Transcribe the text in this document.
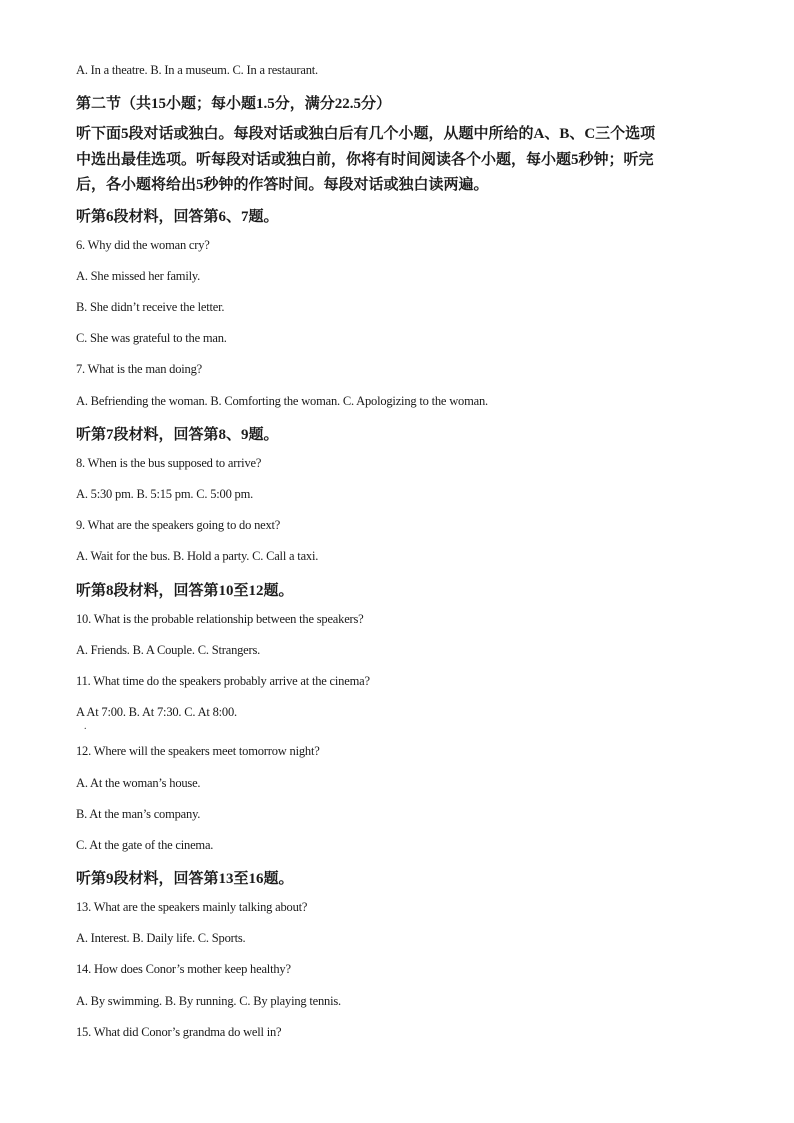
A. In a theatre. B. In a museum. C. In a restaurant.
第二节（共15小题；每小题1.5分，满分22.5分）
听下面5段对话或独白。每段对话或独白后有几个小题，从题中所给的A、B、C三个选项
中选出最佳选项。听每段对话或独白前，你将有时间阅读各个小题，每小题5秒钟；听完
后，各小题将给出5秒钟的作答时间。每段对话或独白读两遍。
听第6段材料，回答第6、7题。
6. Why did the woman cry?
A. She missed her family.
B. She didn’t receive the letter.
C. She was grateful to the man.
7. What is the man doing?
A. Befriending the woman. B. Comforting the woman. C. Apologizing to the woman.
听第7段材料，回答第8、9题。
8. When is the bus supposed to arrive?
A. 5:30 pm. B. 5:15 pm. C. 5:00 pm.
9. What are the speakers going to do next?
A. Wait for the bus. B. Hold a party. C. Call a taxi.
听第8段材料，回答第10至12题。
10. What is the probable relationship between the speakers?
A. Friends. B. A Couple. C. Strangers.
11. What time do the speakers probably arrive at the cinema?
A At 7:00. B. At 7:30. C. At 8:00.
.
12. Where will the speakers meet tomorrow night?
A. At the woman’s house.
B. At the man’s company.
C. At the gate of the cinema.
听第9段材料，回答第13至16题。
13. What are the speakers mainly talking about?
A. Interest. B. Daily life. C. Sports.
14. How does Conor’s mother keep healthy?
A. By swimming. B. By running. C. By playing tennis.
15. What did Conor’s grandma do well in?
